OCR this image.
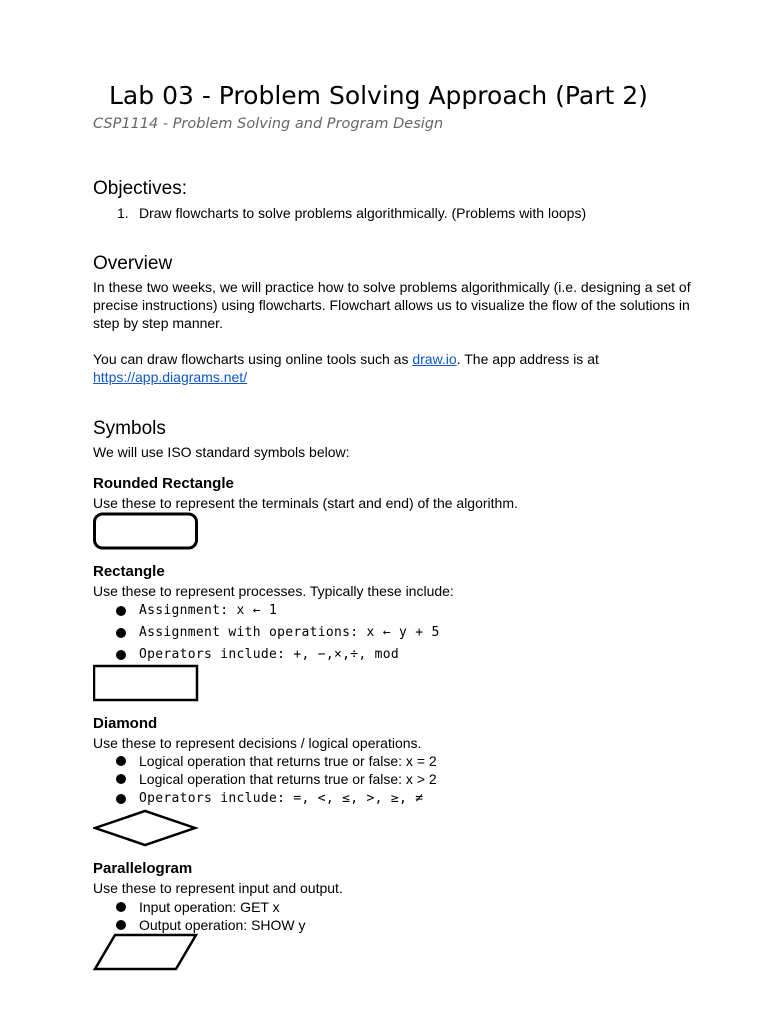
Lab 03 - Problem Solving Approach (Part 2)
CSP1114 - Problem Solving and Program Design
Objectives:
1. Draw flowcharts to solve problems algorithmically. (Problems with loops)
Overview

In these two weeks, we will practice how to solve problems algorithmically (i.e. designing a set of precise instructions) using flowcharts. Flowchart allows us to visualize the flow of the solutions in step by step manner.

You can draw flowcharts using online tools such as draw.io. The app address is at

https://app.diagrams.net/

Symbols

We will use ISO standard symbols below:

Rounded Rectangle

Use these to represent the terminals (start and end) of the algorithm.

Rectangle

Use these to represent processes. Typically these include:

Assignment: x ← 1
Assignment with operations: x ← y + 5
Operators include: +, −,×,÷, mod
Diamond

Use these to represent decisions / logical operations.

Logical operation that returns true or false: x = 2
Logical operation that returns true or false: x > 2
Operators include: =, <, ≤, >, ≥, ≠
Parallelogram

Use these to represent input and output.

Input operation: GET x
Output operation: SHOW y
